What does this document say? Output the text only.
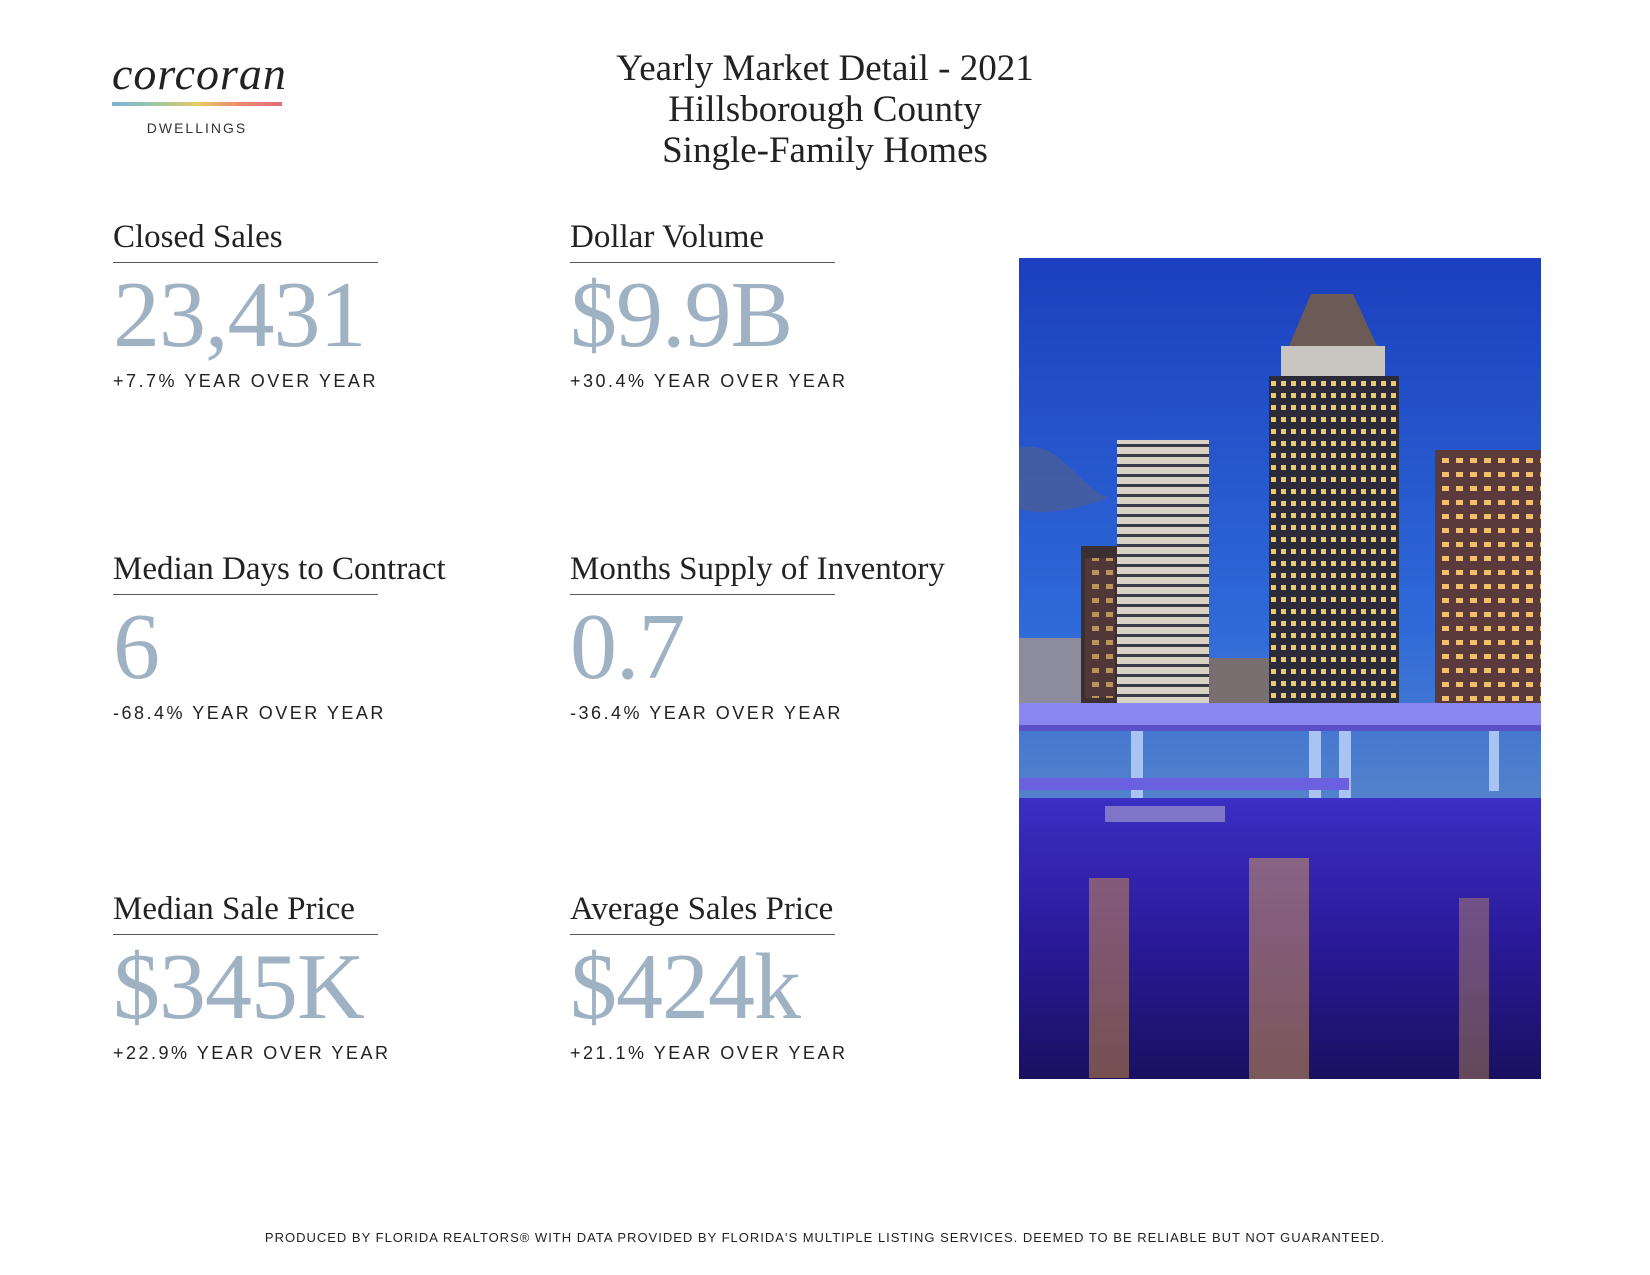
corcoran
DWELLINGS
Yearly Market Detail - 2021
Hillsborough County
Single-Family Homes
Closed Sales
23,431
+7.7% YEAR OVER YEAR
Dollar Volume
$9.9B
+30.4% YEAR OVER YEAR
Median Days to Contract
6
-68.4% YEAR OVER YEAR
Months Supply of Inventory
0.7
-36.4% YEAR OVER YEAR
Median Sale Price
$345K
+22.9% YEAR OVER YEAR
Average Sales Price
$424k
+21.1% YEAR OVER YEAR
PRODUCED BY FLORIDA REALTORS® WITH DATA PROVIDED BY FLORIDA'S MULTIPLE LISTING SERVICES. DEEMED TO BE RELIABLE BUT NOT GUARANTEED.
